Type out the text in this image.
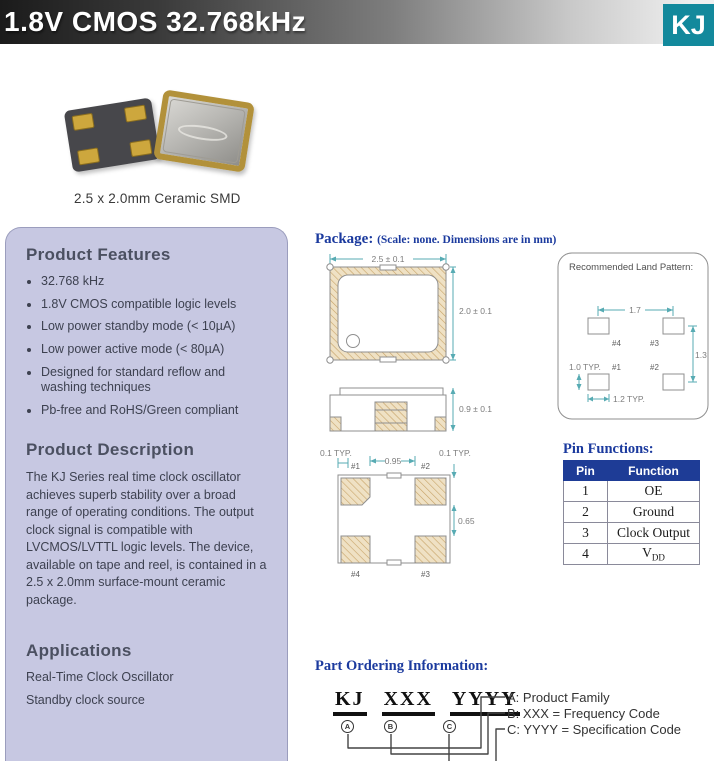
1.8V CMOS 32.768kHz	KJ
2.5 x 2.0mm Ceramic SMD
Product Features
• 32.768 kHz
• 1.8V CMOS compatible logic levels
• Low power standby mode (< 10µA)
• Low power active mode (< 80µA)
• Designed for standard reflow and washing techniques
• Pb-free and RoHS/Green compliant
Product Description

The KJ Series real time clock oscillator achieves superb stability over a broad range of operating conditions. The output clock signal is compatible with LVCMOS/LVTTL logic levels. The device, available on tape and reel, is contained in a 2.5 x 2.0mm surface-mount ceramic package.

Applications
Real-Time Clock Oscillator
Standby clock source
Package: (Scale: none. Dimensions are in mm)
2.5 ± 0.1
2.0 ± 0.1
0.9 ± 0.1
0.1 TYP.
#1
0.95
#2
0.1 TYP.
0.65
#4	#3
Recommended Land Pattern:
1.7
#4	#3
1.3
1.0 TYP. #1	#2
1.2 TYP.
Pin Functions:
Pin	Function
1	OE
2	Ground
3	Clock Output
4	$V_{DD}$
Part Ordering Information:
KJ XXX YYYY
A	B	C
A: Product Family
B: XXX = Frequency Code
C: YYYY = Specification Code
